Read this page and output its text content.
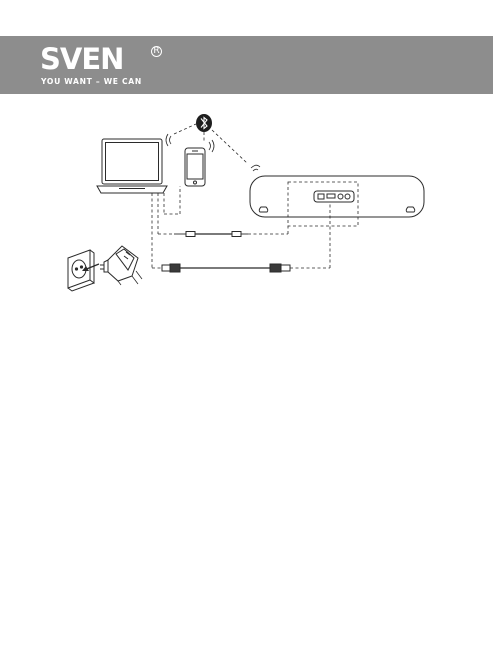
SVEN	R
YOU WANT – WE CAN
